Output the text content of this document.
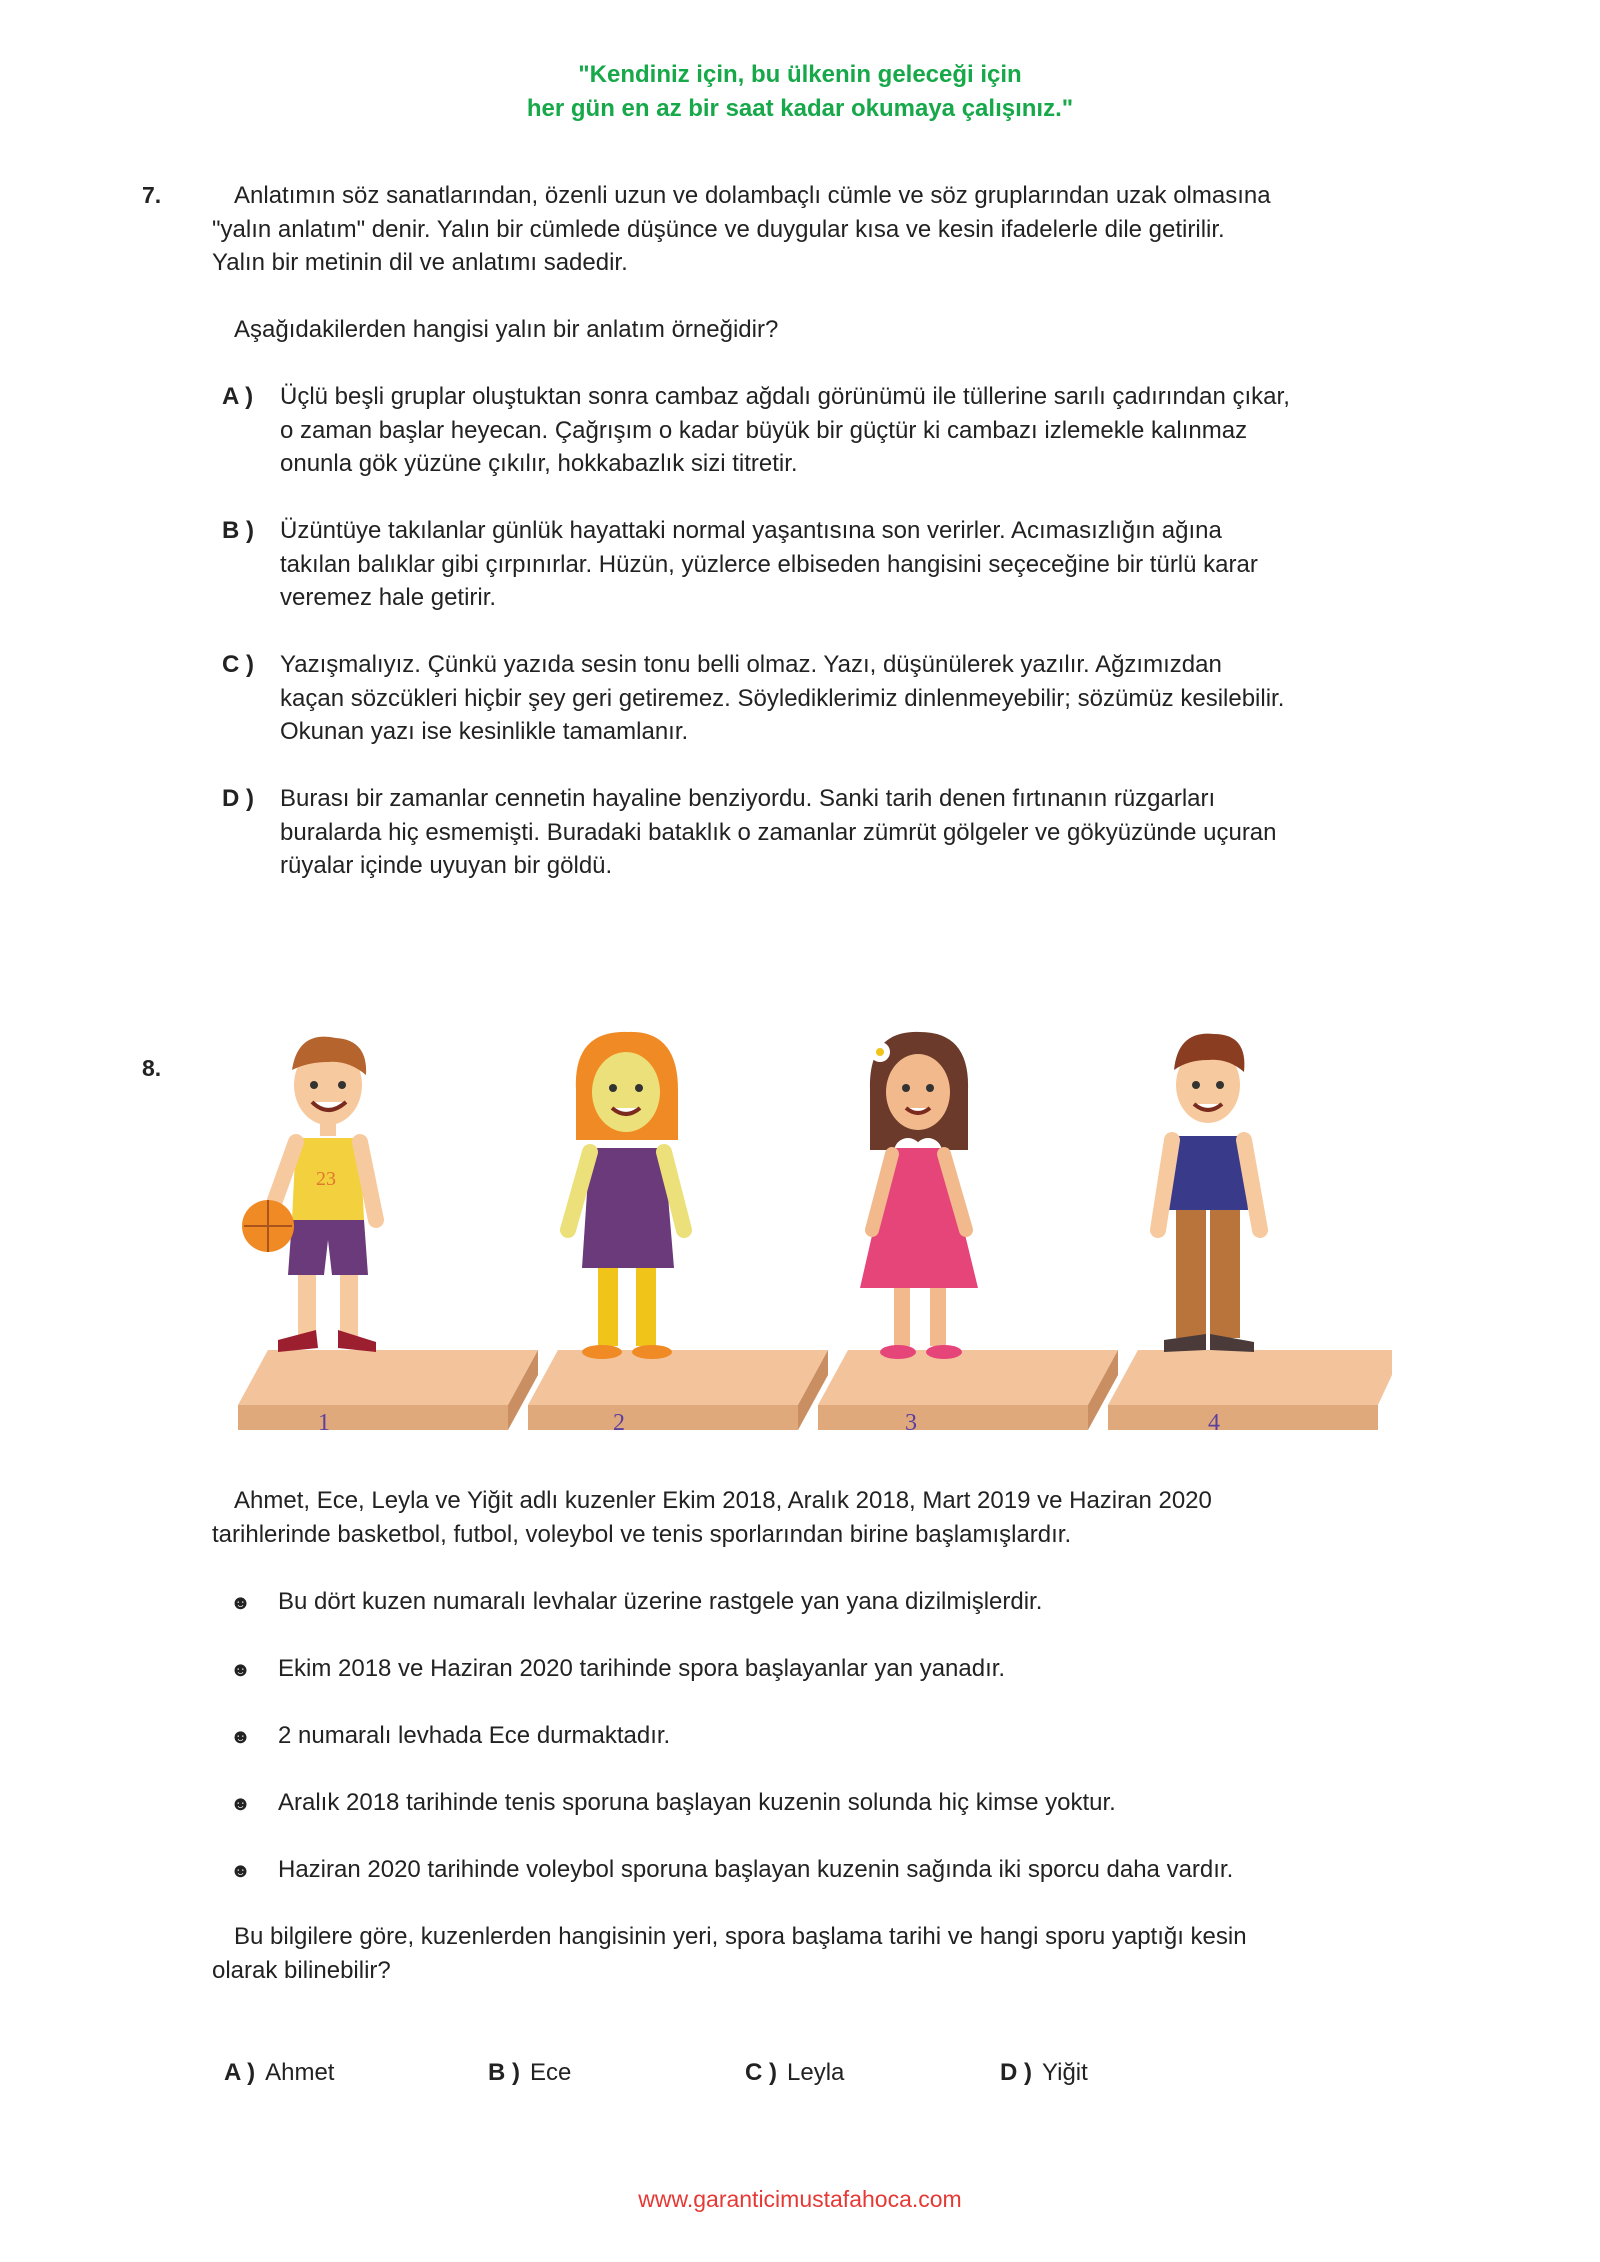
"Kendiniz için, bu ülkenin geleceği için
her gün en az bir saat kadar okumaya çalışınız."
7.	Anlatımın söz sanatlarından, özenli uzun ve dolambaçlı cümle ve söz gruplarından uzak olmasına
"yalın anlatım" denir. Yalın bir cümlede düşünce ve duygular kısa ve kesin ifadelerle dile getirilir.
Yalın bir metinin dil ve anlatımı sadedir.
Aşağıdakilerden hangisi yalın bir anlatım örneğidir?
A ) Üçlü beşli gruplar oluştuktan sonra cambaz ağdalı görünümü ile tüllerine sarılı çadırından çıkar,
o zaman başlar heyecan. Çağrışım o kadar büyük bir güçtür ki cambazı izlemekle kalınmaz
onunla gök yüzüne çıkılır, hokkabazlık sizi titretir.
B ) Üzüntüye takılanlar günlük hayattaki normal yaşantısına son verirler. Acımasızlığın ağına
takılan balıklar gibi çırpınırlar. Hüzün, yüzlerce elbiseden hangisini seçeceğine bir türlü karar
veremez hale getirir.
C ) Yazışmalıyız. Çünkü yazıda sesin tonu belli olmaz. Yazı, düşünülerek yazılır. Ağzımızdan
kaçan sözcükleri hiçbir şey geri getiremez. Söylediklerimiz dinlenmeyebilir; sözümüz kesilebilir.
Okunan yazı ise kesinlikle tamamlanır.
D ) Burası bir zamanlar cennetin hayaline benziyordu. Sanki tarih denen fırtınanın rüzgarları
buralarda hiç esmemişti. Buradaki bataklık o zamanlar zümrüt gölgeler ve gökyüzünde uçuran
rüyalar içinde uyuyan bir göldü.
8.
1	2	3	4
23
Ahmet, Ece, Leyla ve Yiğit adlı kuzenler Ekim 2018, Aralık 2018, Mart 2019 ve Haziran 2020
tarihlerinde basketbol, futbol, voleybol ve tenis sporlarından birine başlamışlardır.
☻ Bu dört kuzen numaralı levhalar üzerine rastgele yan yana dizilmişlerdir.
☻ Ekim 2018 ve Haziran 2020 tarihinde spora başlayanlar yan yanadır.
☻ 2 numaralı levhada Ece durmaktadır.
☻ Aralık 2018 tarihinde tenis sporuna başlayan kuzenin solunda hiç kimse yoktur.
☻ Haziran 2020 tarihinde voleybol sporuna başlayan kuzenin sağında iki sporcu daha vardır.
Bu bilgilere göre, kuzenlerden hangisinin yeri, spora başlama tarihi ve hangi sporu yaptığı kesin
olarak bilinebilir?
A ) Ahmet	B ) Ece	C ) Leyla	D ) Yiğit
www.garanticimustafahoca.com
